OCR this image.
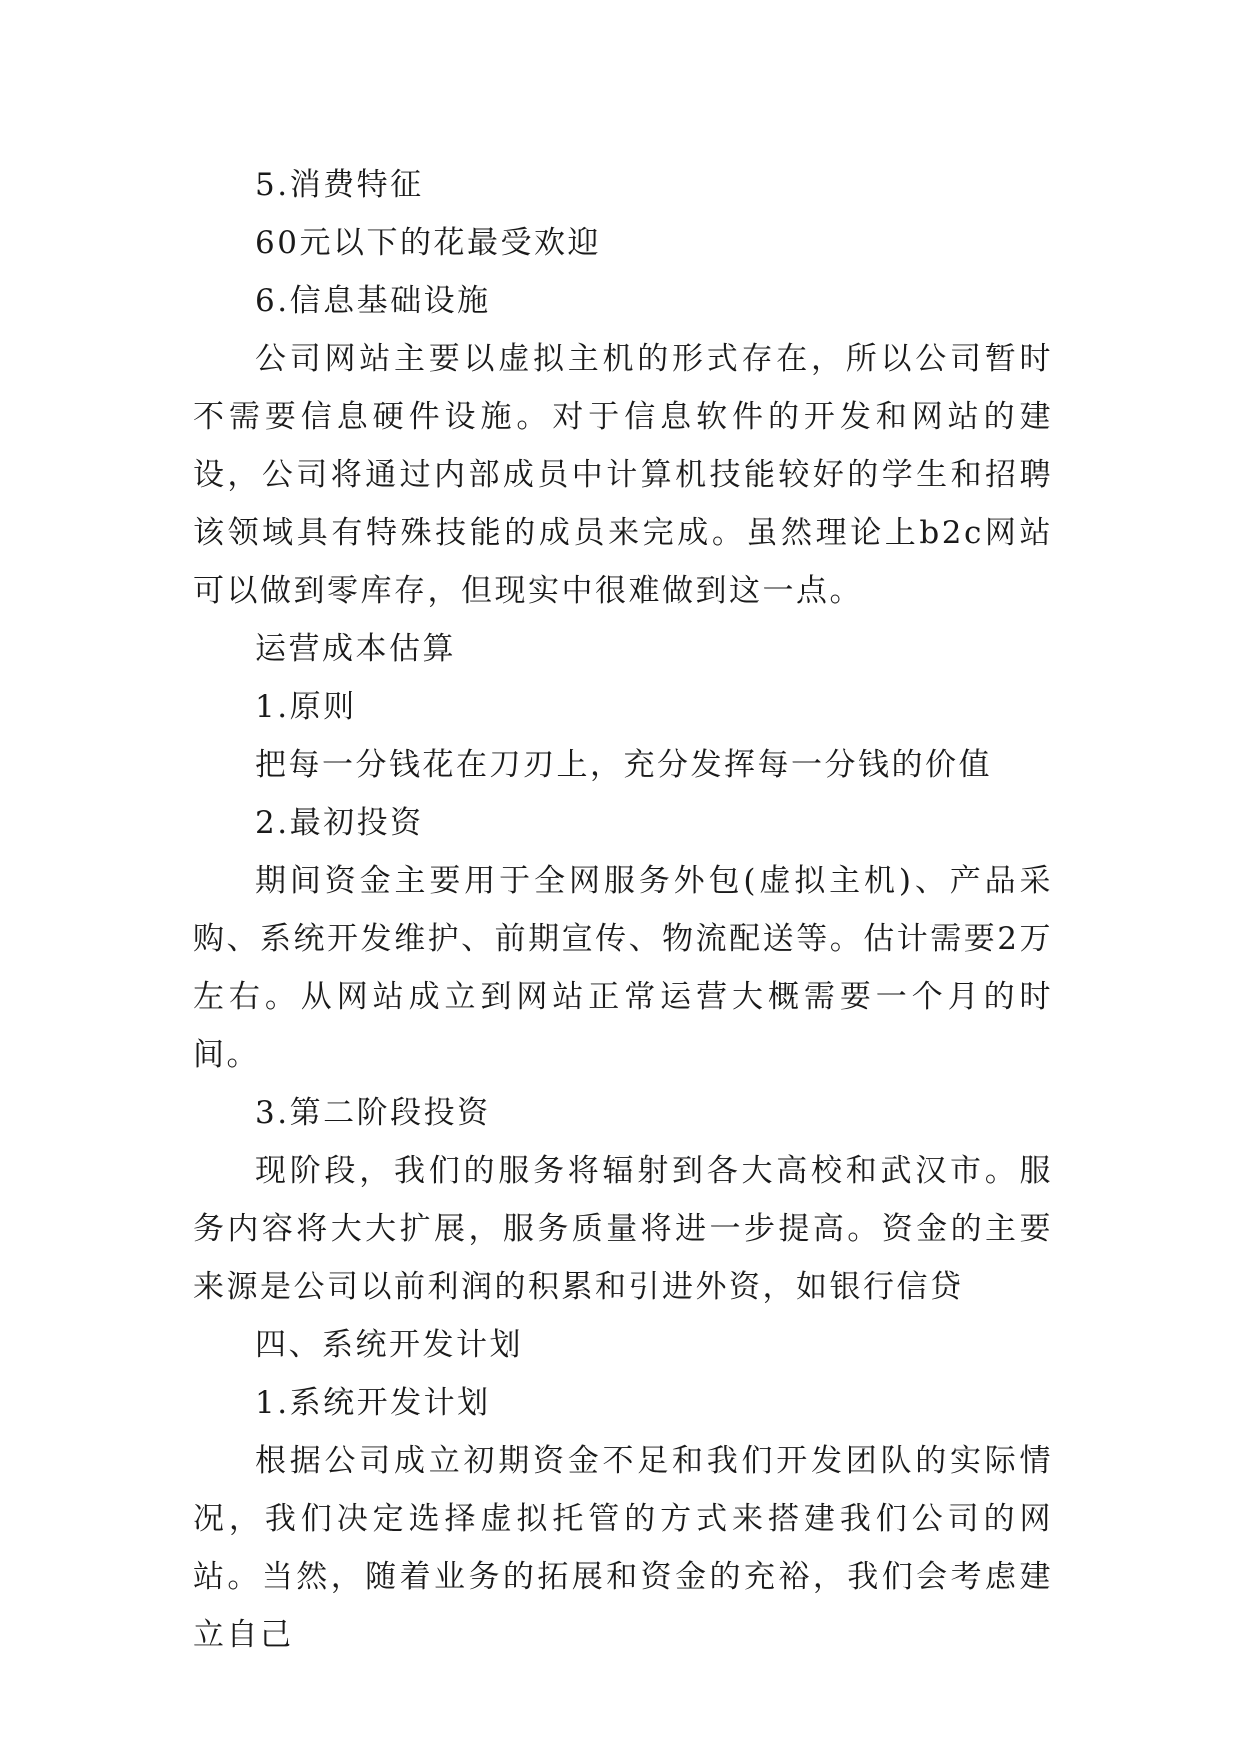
5.消费特征

60元以下的花最受欢迎

6.信息基础设施

公司网站主要以虚拟主机的形式存在，所以公司暂时不需要信息硬件设施。对于信息软件的开发和网站的建设，公司将通过内部成员中计算机技能较好的学生和招聘该领域具有特殊技能的成员来完成。虽然理论上b2c网站可以做到零库存，但现实中很难做到这一点。

运营成本估算

1.原则

把每一分钱花在刀刃上，充分发挥每一分钱的价值

2.最初投资

期间资金主要用于全网服务外包(虚拟主机)、产品采购、系统开发维护、前期宣传、物流配送等。估计需要2万左右。从网站成立到网站正常运营大概需要一个月的时间。

3.第二阶段投资

现阶段，我们的服务将辐射到各大高校和武汉市。服务内容将大大扩展，服务质量将进一步提高。资金的主要来源是公司以前利润的积累和引进外资，如银行信贷

四、系统开发计划

1.系统开发计划

根据公司成立初期资金不足和我们开发团队的实际情况，我们决定选择虚拟托管的方式来搭建我们公司的网站。当然，随着业务的拓展和资金的充裕，我们会考虑建立自己
